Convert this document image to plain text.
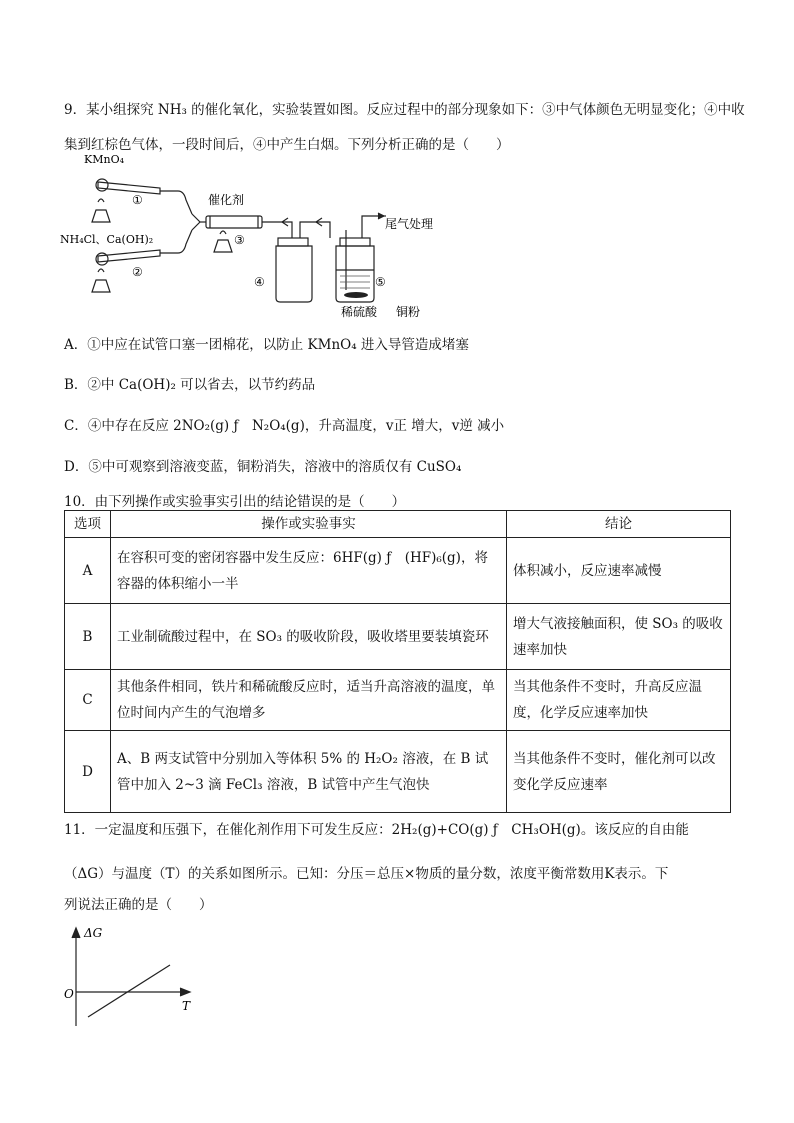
9．某小组探究 NH₃ 的催化氧化，实验装置如图。反应过程中的部分现象如下：③中气体颜色无明显变化；④中收
集到红棕色气体，一段时间后，④中产生白烟。下列分析正确的是（　　）
KMnO₄
NH₄Cl、Ca(OH)₂
催化剂
尾气处理
稀硫酸 铜粉
①
②
③
④	⑤
A．①中应在试管口塞一团棉花，以防止 KMnO₄ 进入导管造成堵塞
B．②中 Ca(OH)₂ 可以省去，以节约药品
C．④中存在反应 2NO₂(g) ƒ　N₂O₄(g)，升高温度，v正 增大，v逆 减小
D．⑤中可观察到溶液变蓝，铜粉消失，溶液中的溶质仅有 CuSO₄
10．由下列操作或实验事实引出的结论错误的是（　　）
选项	操作或实验事实	结论
A	在容积可变的密闭容器中发生反应：6HF(g) ƒ　(HF)₆(g)，将容器的体积缩小一半	体积减小，反应速率减慢
B	工业制硫酸过程中，在 SO₃ 的吸收阶段，吸收塔里要装填瓷环	增大气液接触面积，使 SO₃ 的吸收速率加快
C	其他条件相同，铁片和稀硫酸反应时，适当升高溶液的温度，单位时间内产生的气泡增多	当其他条件不变时，升高反应温度，化学反应速率加快
D	A、B 两支试管中分别加入等体积 5% 的 H₂O₂ 溶液，在 B 试管中加入 2~3 滴 FeCl₃ 溶液，B 试管中产生气泡快	当其他条件不变时，催化剂可以改变化学反应速率
11．一定温度和压强下，在催化剂作用下可发生反应：2H₂(g)+CO(g) ƒ　CH₃OH(g)。该反应的自由能
（ΔG）与温度（T）的关系如图所示。已知：分压＝总压×物质的量分数，浓度平衡常数用K表示。下
列说法正确的是（　　）
ΔG
T
O
